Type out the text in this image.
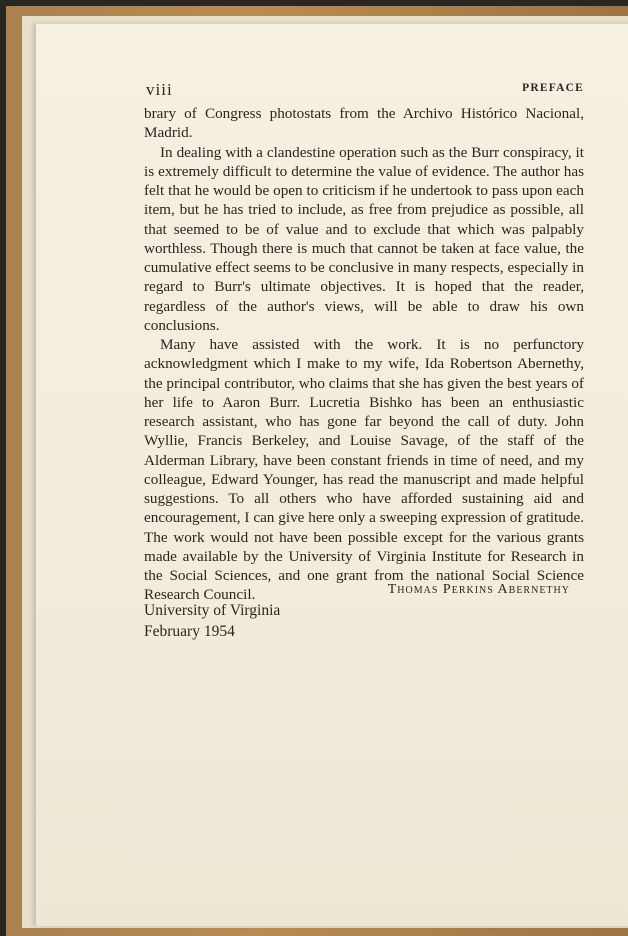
viii	PREFACE

brary of Congress photostats from the Archivo Histórico Nacional, Madrid.

In dealing with a clandestine operation such as the Burr conspiracy, it is extremely difficult to determine the value of evidence. The author has felt that he would be open to criticism if he undertook to pass upon each item, but he has tried to include, as free from prejudice as possible, all that seemed to be of value and to exclude that which was palpably worthless. Though there is much that cannot be taken at face value, the cumulative effect seems to be conclusive in many respects, especially in regard to Burr's ultimate objectives. It is hoped that the reader, regardless of the author's views, will be able to draw his own conclusions.

Many have assisted with the work. It is no perfunctory acknowledgment which I make to my wife, Ida Robertson Abernethy, the principal contributor, who claims that she has given the best years of her life to Aaron Burr. Lucretia Bishko has been an enthusiastic research assistant, who has gone far beyond the call of duty. John Wyllie, Francis Berkeley, and Louise Savage, of the staff of the Alderman Library, have been constant friends in time of need, and my colleague, Edward Younger, has read the manuscript and made helpful suggestions. To all others who have afforded sustaining aid and encouragement, I can give here only a sweeping expression of gratitude. The work would not have been possible except for the various grants made available by the University of Virginia Institute for Research in the Social Sciences, and one grant from the national Social Science Research Council.	Thomas Perkins Abernethy
University of Virginia
February 1954
